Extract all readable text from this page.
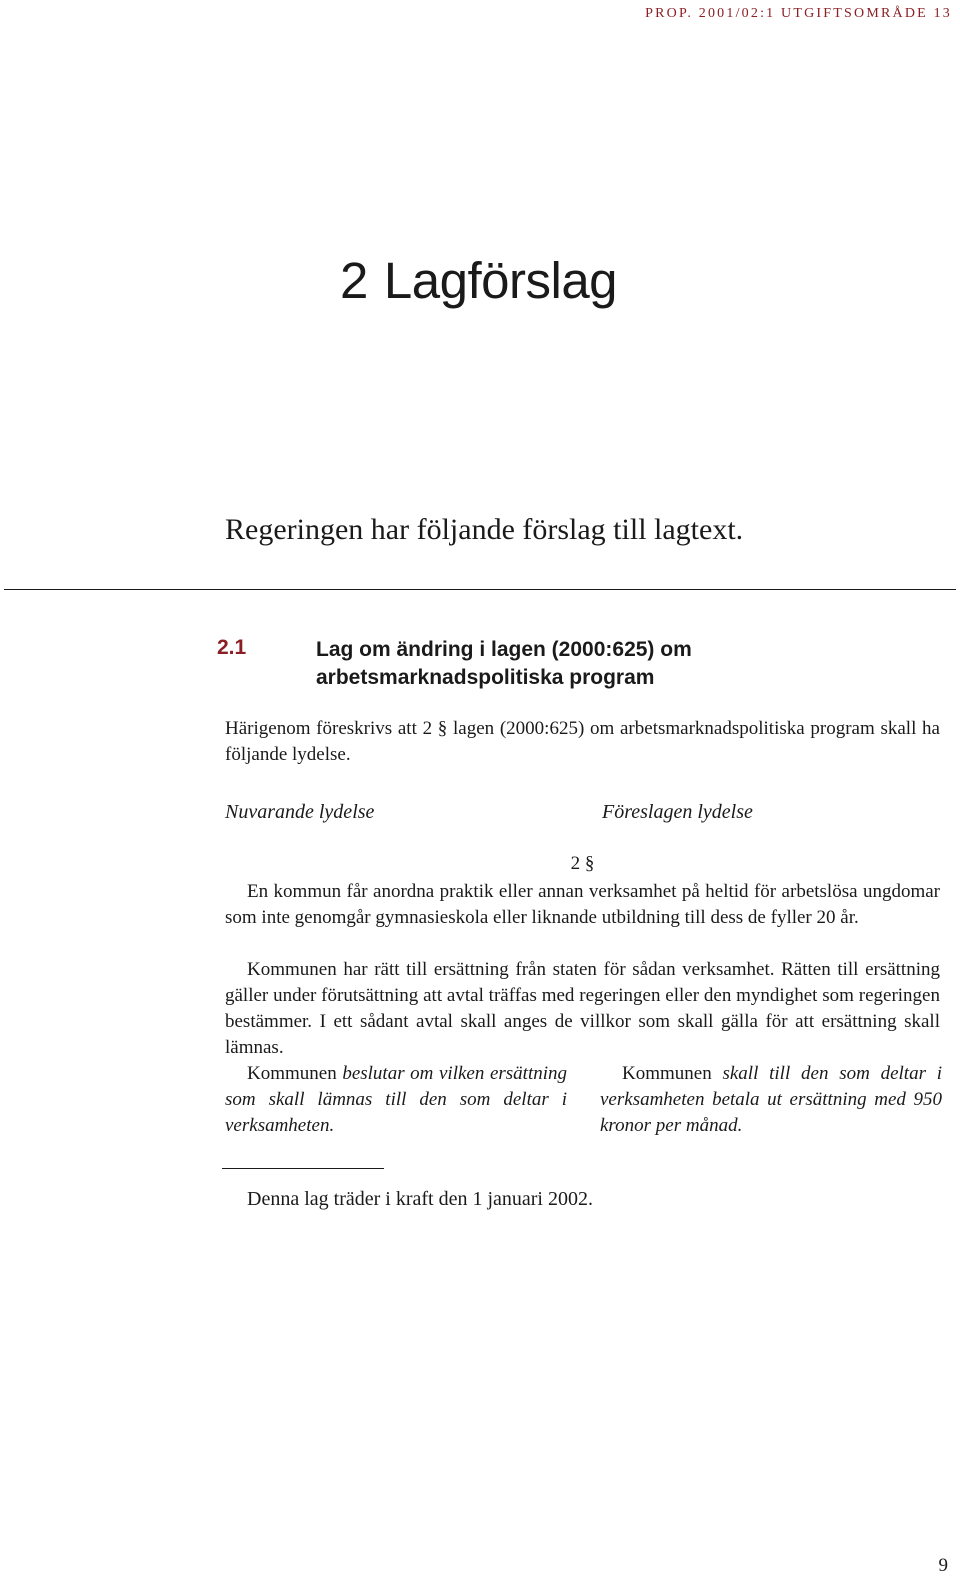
PROP. 2001/02:1 UTGIFTSOMRÅDE 13
2 Lagförslag

Regeringen har följande förslag till lagtext.

2.1	Lag om ändring i lagen (2000:625) om arbetsmarknadspolitiska program

Härigenom föreskrivs att 2 § lagen (2000:625) om arbetsmarknadspolitiska program skall ha följande lydelse.

Nuvarande lydelse	Föreslagen lydelse
2 §

En kommun får anordna praktik eller annan verksamhet på heltid för arbetslösa ungdomar som inte genomgår gymnasieskola eller liknande utbildning till dess de fyller 20 år.

Kommunen har rätt till ersättning från staten för sådan verksamhet. Rätten till ersättning gäller under förutsättning att avtal träffas med regeringen eller den myndighet som regeringen bestämmer. I ett sådant avtal skall anges de villkor som skall gälla för att ersättning skall lämnas.

Kommunen beslutar om vilken ersättning som skall lämnas till den som deltar i verksamheten.

Kommunen skall till den som deltar i verksamheten betala ut ersättning med 950 kronor per månad.

Denna lag träder i kraft den 1 januari 2002.

9
